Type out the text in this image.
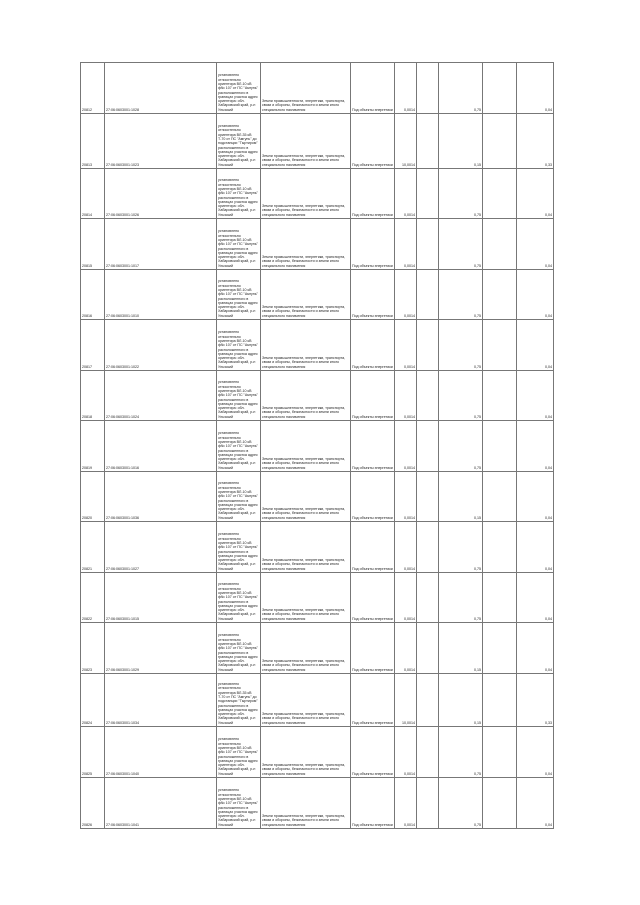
20812	27:06:0603001:1028	установлено относительно ориентира ВЛ-10 кВ ф№ 107 от ПС "Амгунь" расположенного в границах участка адрес ориентира: обл. Хабаровский край, р-н Ульчский	Земли промышленности, энергетики, транспорта, связи и обороны, безопасности и земли иного специального назначения	Под объекты энергетики	0,0014		0,75		0,04
20813	27:06:0603001:1023	установлено относительно ориентира ВЛ-35 кВ Т-70 от ПС "Амгунь" до подстанции "Тыртиром" расположенного в границах участка адрес ориентира: обл. Хабаровский край, р-н Ульчский	Земли промышленности, энергетики, транспорта, связи и обороны, безопасности и земли иного специального назначения	Под объекты энергетики	10,0014		0,15		0,33
20814	27:06:0603001:1026	установлено относительно ориентира ВЛ-10 кВ ф№ 107 от ПС "Амгунь" расположенного в границах участка адрес ориентира: обл. Хабаровский край, р-н Ульчский	Земли промышленности, энергетики, транспорта, связи и обороны, безопасности и земли иного специального назначения	Под объекты энергетики	0,0014		0,75		0,04
20815	27:06:0603001:1017	установлено относительно ориентира ВЛ-10 кВ ф№ 107 от ПС "Амгунь" расположенного в границах участка адрес ориентира: обл. Хабаровский край, р-н Ульчский	Земли промышленности, энергетики, транспорта, связи и обороны, безопасности и земли иного специального назначения	Под объекты энергетики	0,0014		0,75		0,04
20816	27:06:0603001:1010	установлено относительно ориентира ВЛ-10 кВ ф№ 107 от ПС "Амгунь" расположенного в границах участка адрес ориентира: обл. Хабаровский край, р-н Ульчский	Земли промышленности, энергетики, транспорта, связи и обороны, безопасности и земли иного специального назначения	Под объекты энергетики	0,0014		0,75		0,04
20817	27:06:0603001:1022	установлено относительно ориентира ВЛ-10 кВ ф№ 107 от ПС "Амгунь" расположенного в границах участка адрес ориентира: обл. Хабаровский край, р-н Ульчский	Земли промышленности, энергетики, транспорта, связи и обороны, безопасности и земли иного специального назначения	Под объекты энергетики	0,0014		0,75		0,04
20818	27:06:0603001:1024	установлено относительно ориентира ВЛ-10 кВ ф№ 107 от ПС "Амгунь" расположенного в границах участка адрес ориентира: обл. Хабаровский край, р-н Ульчский	Земли промышленности, энергетики, транспорта, связи и обороны, безопасности и земли иного специального назначения	Под объекты энергетики	0,0014		0,75		0,04
20819	27:06:0603001:1016	установлено относительно ориентира ВЛ-10 кВ ф№ 107 от ПС "Амгунь" расположенного в границах участка адрес ориентира: обл. Хабаровский край, р-н Ульчский	Земли промышленности, энергетики, транспорта, связи и обороны, безопасности и земли иного специального назначения	Под объекты энергетики	0,0014		0,75		0,04
20820	27:06:0603001:1036	установлено относительно ориентира ВЛ-10 кВ ф№ 107 от ПС "Амгунь" расположенного в границах участка адрес ориентира: обл. Хабаровский край, р-н Ульчский	Земли промышленности, энергетики, транспорта, связи и обороны, безопасности и земли иного специального назначения	Под объекты энергетики	0,0014		0,15		0,04
20821	27:06:0603001:1027	установлено относительно ориентира ВЛ-10 кВ ф№ 107 от ПС "Амгунь" расположенного в границах участка адрес ориентира: обл. Хабаровский край, р-н Ульчский	Земли промышленности, энергетики, транспорта, связи и обороны, безопасности и земли иного специального назначения	Под объекты энергетики	0,0014		0,75		0,04
20822	27:06:0603001:1015	установлено относительно ориентира ВЛ-10 кВ ф№ 107 от ПС "Амгунь" расположенного в границах участка адрес ориентира: обл. Хабаровский край, р-н Ульчский	Земли промышленности, энергетики, транспорта, связи и обороны, безопасности и земли иного специального назначения	Под объекты энергетики	0,0014		0,75		0,04
20823	27:06:0603001:1029	установлено относительно ориентира ВЛ-10 кВ ф№ 107 от ПС "Амгунь" расположенного в границах участка адрес ориентира: обл. Хабаровский край, р-н Ульчский	Земли промышленности, энергетики, транспорта, связи и обороны, безопасности и земли иного специального назначения	Под объекты энергетики	0,0014		0,15		0,04
20824	27:06:0603001:1034	установлено относительно ориентира ВЛ-35 кВ Т-70 от ПС "Амгунь" до подстанции "Тыртиром" расположенного в границах участка адрес ориентира: обл. Хабаровский край, р-н Ульчский	Земли промышленности, энергетики, транспорта, связи и обороны, безопасности и земли иного специального назначения	Под объекты энергетики	10,0014		0,15		0,33
20825	27:06:0603001:1040	установлено относительно ориентира ВЛ-10 кВ ф№ 107 от ПС "Амгунь" расположенного в границах участка адрес ориентира: обл. Хабаровский край, р-н Ульчский	Земли промышленности, энергетики, транспорта, связи и обороны, безопасности и земли иного специального назначения	Под объекты энергетики	0,0014		0,75		0,04
20826	27:06:0603001:1041	установлено относительно ориентира ВЛ-10 кВ ф№ 107 от ПС "Амгунь" расположенного в границах участка адрес ориентира: обл. Хабаровский край, р-н Ульчский	Земли промышленности, энергетики, транспорта, связи и обороны, безопасности и земли иного специального назначения	Под объекты энергетики	0,0014		0,75		0,04
